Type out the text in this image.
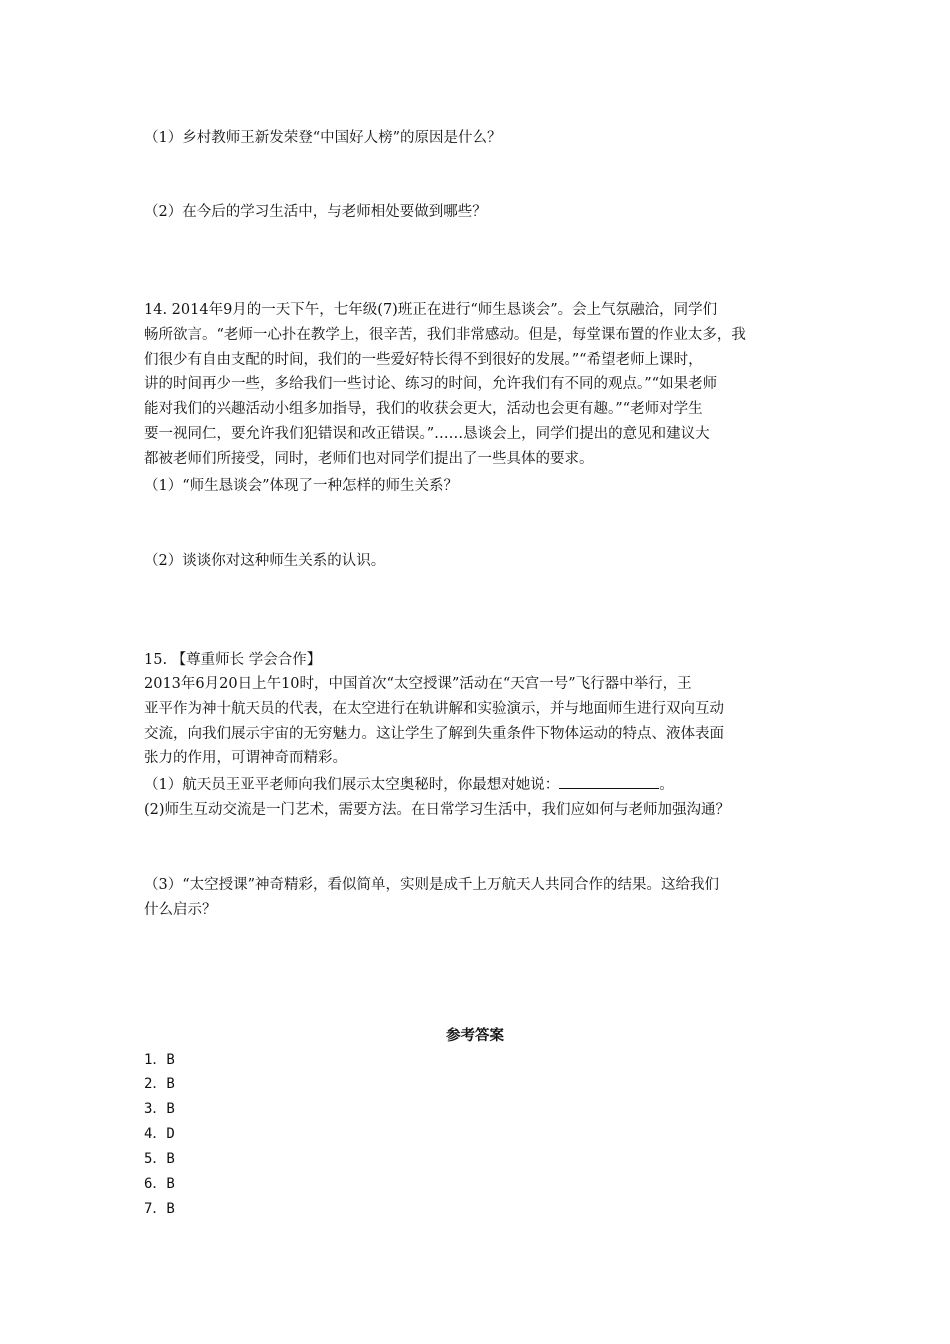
（1）乡村教师王新发荣登“中国好人榜”的原因是什么？
（2）在今后的学习生活中，与老师相处要做到哪些？
14. 2014年9月的一天下午，七年级(7)班正在进行“师生恳谈会”。会上气氛融洽，同学们
畅所欲言。“老师一心扑在教学上，很辛苦，我们非常感动。但是，每堂课布置的作业太多，我
们很少有自由支配的时间，我们的一些爱好特长得不到很好的发展。”“希望老师上课时，
讲的时间再少一些，多给我们一些讨论、练习的时间，允许我们有不同的观点。”“如果老师
能对我们的兴趣活动小组多加指导，我们的收获会更大，活动也会更有趣。”“老师对学生
要一视同仁，要允许我们犯错误和改正错误。”……恳谈会上，同学们提出的意见和建议大
都被老师们所接受，同时，老师们也对同学们提出了一些具体的要求。
（1）“师生恳谈会”体现了一种怎样的师生关系？
（2）谈谈你对这种师生关系的认识。
15. 【尊重师长 学会合作】
2013年6月20日上午10时，中国首次“太空授课”活动在“天宫一号”飞行器中举行，王
亚平作为神十航天员的代表，在太空进行在轨讲解和实验演示，并与地面师生进行双向互动
交流，向我们展示宇宙的无穷魅力。这让学生了解到失重条件下物体运动的特点、液体表面
张力的作用，可谓神奇而精彩。
（1）航天员王亚平老师向我们展示太空奥秘时，你最想对她说：	。
(2)师生互动交流是一门艺术，需要方法。在日常学习生活中，我们应如何与老师加强沟通？
（3）“太空授课”神奇精彩，看似简单，实则是成千上万航天人共同合作的结果。这给我们
什么启示？
参考答案
1．B
2．B
3．B
4．D
5．B
6．B
7．B
